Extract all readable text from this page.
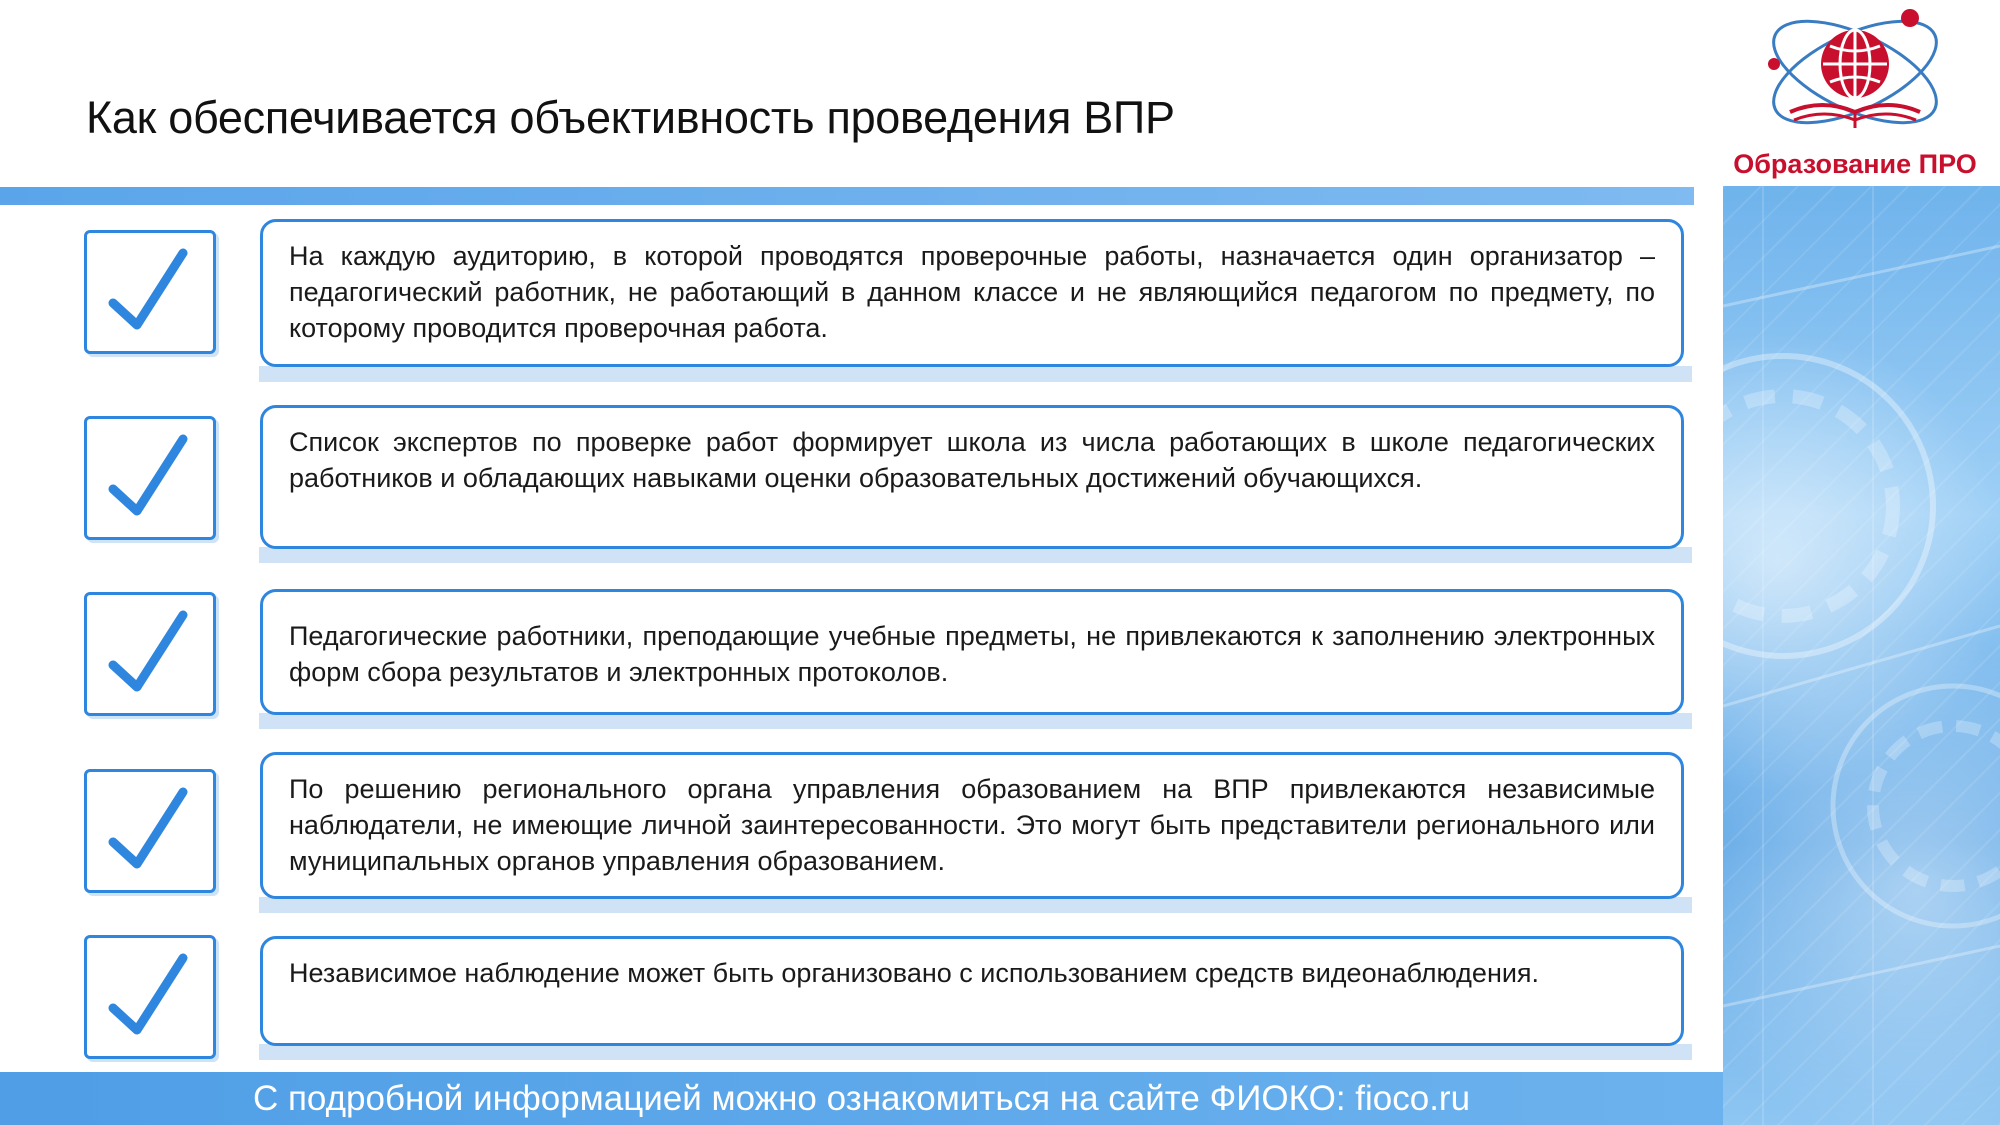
Как обеспечивается объективность проведения ВПР
Образование ПРО

На каждую аудиторию, в которой проводятся проверочные работы, назначается один организатор – педагогический работник, не работающий в данном классе и не являющийся педагогом по предмету, по которому проводится проверочная работа.

Список экспертов по проверке работ формирует школа из числа работающих в школе педагогических работников и обладающих навыками оценки образовательных достижений обучающихся.

Педагогические работники, преподающие учебные предметы, не привлекаются к заполнению электронных форм сбора результатов и электронных протоколов.

По решению регионального органа управления образованием на ВПР привлекаются независимые наблюдатели, не имеющие личной заинтересованности. Это могут быть представители регионального или муниципальных органов управления образованием.

Независимое наблюдение может быть организовано с использованием средств видеонаблюдения.

С подробной информацией можно ознакомиться на сайте ФИОКО: fioco.ru
